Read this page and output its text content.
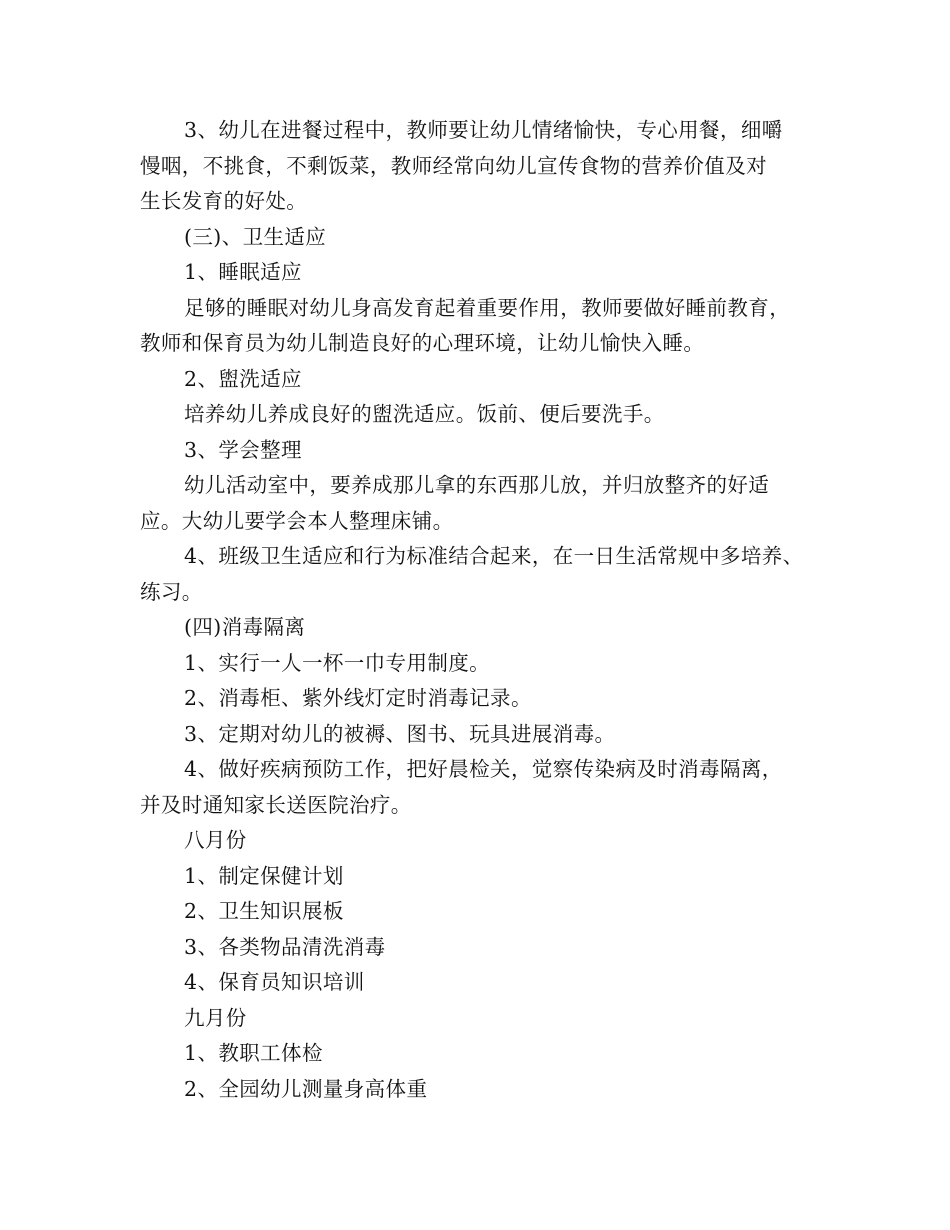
3、幼儿在进餐过程中，教师要让幼儿情绪愉快，专心用餐，细嚼
慢咽，不挑食，不剩饭菜，教师经常向幼儿宣传食物的营养价值及对
生长发育的好处。
(三)、卫生适应
1、睡眠适应
足够的睡眠对幼儿身高发育起着重要作用，教师要做好睡前教育，
教师和保育员为幼儿制造良好的心理环境，让幼儿愉快入睡。
2、盥洗适应
培养幼儿养成良好的盥洗适应。饭前、便后要洗手。
3、学会整理
幼儿活动室中，要养成那儿拿的东西那儿放，并归放整齐的好适
应。大幼儿要学会本人整理床铺。
4、班级卫生适应和行为标准结合起来，在一日生活常规中多培养、
练习。
(四)消毒隔离
1、实行一人一杯一巾专用制度。
2、消毒柜、紫外线灯定时消毒记录。
3、定期对幼儿的被褥、图书、玩具进展消毒。
4、做好疾病预防工作，把好晨检关，觉察传染病及时消毒隔离，
并及时通知家长送医院治疗。
八月份
1、制定保健计划
2、卫生知识展板
3、各类物品清洗消毒
4、保育员知识培训
九月份
1、教职工体检
2、全园幼儿测量身高体重
